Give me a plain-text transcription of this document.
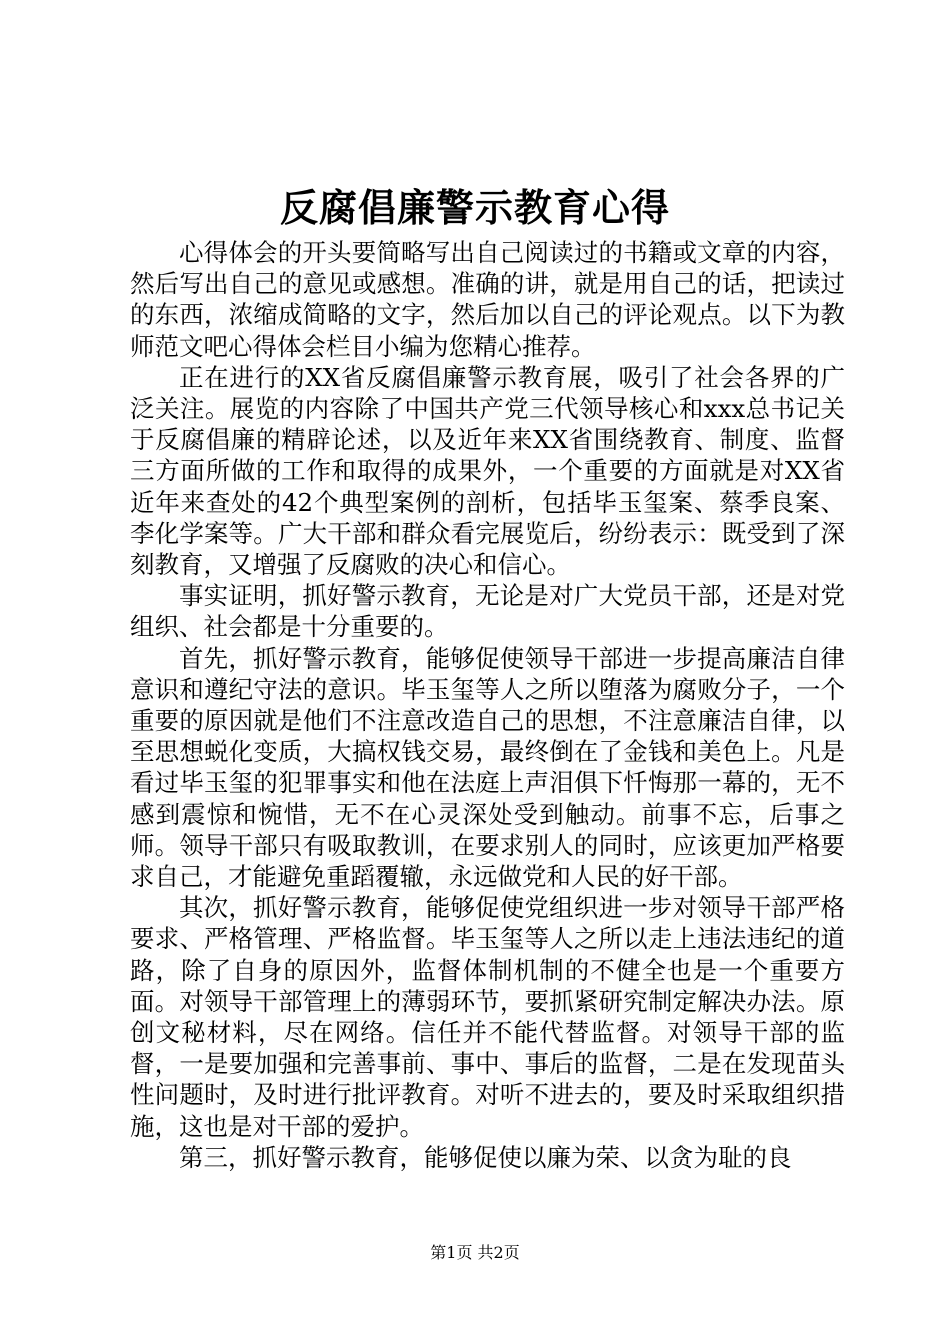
反腐倡廉警示教育心得

心得体会的开头要简略写出自己阅读过的书籍或文章的内容，然后写出自己的意见或感想。准确的讲，就是用自己的话，把读过的东西，浓缩成简略的文字，然后加以自己的评论观点。以下为教师范文吧心得体会栏目小编为您精心推荐。

正在进行的XX省反腐倡廉警示教育展，吸引了社会各界的广泛关注。展览的内容除了中国共产党三代领导核心和xxx总书记关于反腐倡廉的精辟论述，以及近年来XX省围绕教育、制度、监督三方面所做的工作和取得的成果外，一个重要的方面就是对XX省近年来查处的42个典型案例的剖析，包括毕玉玺案、蔡季良案、李化学案等。广大干部和群众看完展览后，纷纷表示：既受到了深刻教育，又增强了反腐败的决心和信心。

事实证明，抓好警示教育，无论是对广大党员干部，还是对党组织、社会都是十分重要的。

首先，抓好警示教育，能够促使领导干部进一步提高廉洁自律意识和遵纪守法的意识。毕玉玺等人之所以堕落为腐败分子，一个重要的原因就是他们不注意改造自己的思想，不注意廉洁自律，以至思想蜕化变质，大搞权钱交易，最终倒在了金钱和美色上。凡是看过毕玉玺的犯罪事实和他在法庭上声泪俱下忏悔那一幕的，无不感到震惊和惋惜，无不在心灵深处受到触动。前事不忘，后事之师。领导干部只有吸取教训，在要求别人的同时，应该更加严格要求自己，才能避免重蹈覆辙，永远做党和人民的好干部。

其次，抓好警示教育，能够促使党组织进一步对领导干部严格要求、严格管理、严格监督。毕玉玺等人之所以走上违法违纪的道路，除了自身的原因外，监督体制机制的不健全也是一个重要方面。对领导干部管理上的薄弱环节，要抓紧研究制定解决办法。原创文秘材料，尽在网络。信任并不能代替监督。对领导干部的监督，一是要加强和完善事前、事中、事后的监督，二是在发现苗头性问题时，及时进行批评教育。对听不进去的，要及时采取组织措施，这也是对干部的爱护。

第三，抓好警示教育，能够促使以廉为荣、以贪为耻的良

第1页 共2页
